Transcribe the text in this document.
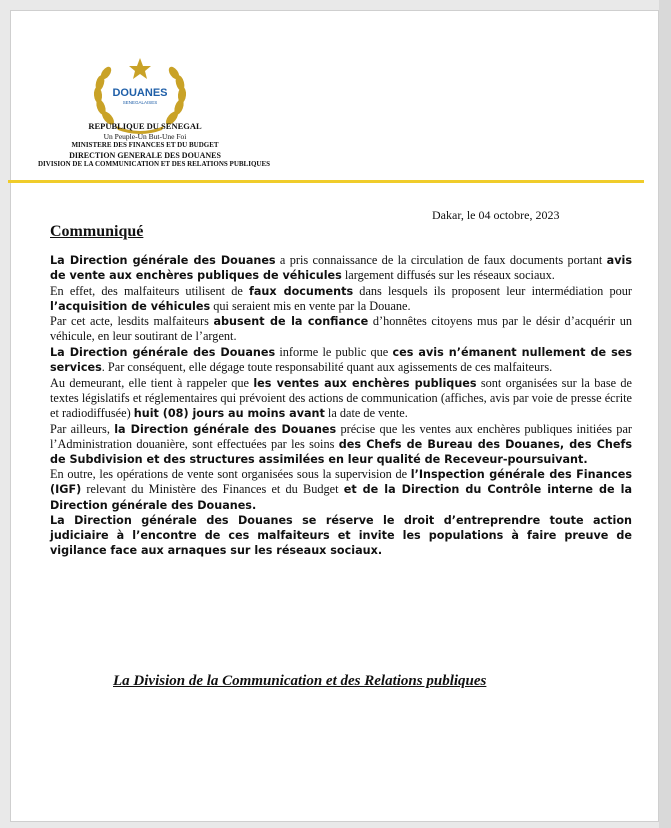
DOUANES
SENEGALAISES
REPUBLIQUE DU SENEGAL
Un Peuple-Un But-Une Foi
MINISTERE DES FINANCES ET DU BUDGET
DIRECTION GENERALE DES DOUANES
DIVISION DE LA COMMUNICATION ET DES RELATIONS PUBLIQUES
Dakar, le 04 octobre, 2023
Communiqué

La Direction générale des Douanes a pris connaissance de la circulation de faux documents portant avis de vente aux enchères publiques de véhicules largement diffusés sur les réseaux sociaux.

En effet, des malfaiteurs utilisent de faux documents dans lesquels ils proposent leur intermédiation pour l’acquisition de véhicules qui seraient mis en vente par la Douane.

Par cet acte, lesdits malfaiteurs abusent de la confiance d’honnêtes citoyens mus par le désir d’acquérir un véhicule, en leur soutirant de l’argent.

La Direction générale des Douanes informe le public que ces avis n’émanent nullement de ses services. Par conséquent, elle dégage toute responsabilité quant aux agissements de ces malfaiteurs.

Au demeurant, elle tient à rappeler que les ventes aux enchères publiques sont organisées sur la base de textes législatifs et réglementaires qui prévoient des actions de communication (affiches, avis par voie de presse écrite et radiodiffusée) huit (08) jours au moins avant la date de vente.

Par ailleurs, la Direction générale des Douanes précise que les ventes aux enchères publiques initiées par l’Administration douanière, sont effectuées par les soins des Chefs de Bureau des Douanes, des Chefs de Subdivision et des structures assimilées en leur qualité de Receveur-poursuivant.

En outre, les opérations de vente sont organisées sous la supervision de l’Inspection générale des Finances (IGF) relevant du Ministère des Finances et du Budget et de la Direction du Contrôle interne de la Direction générale des Douanes.

La Direction générale des Douanes se réserve le droit d’entreprendre toute action judiciaire à l’encontre de ces malfaiteurs et invite les populations à faire preuve de vigilance face aux arnaques sur les réseaux sociaux.

La Division de la Communication et des Relations publiques
